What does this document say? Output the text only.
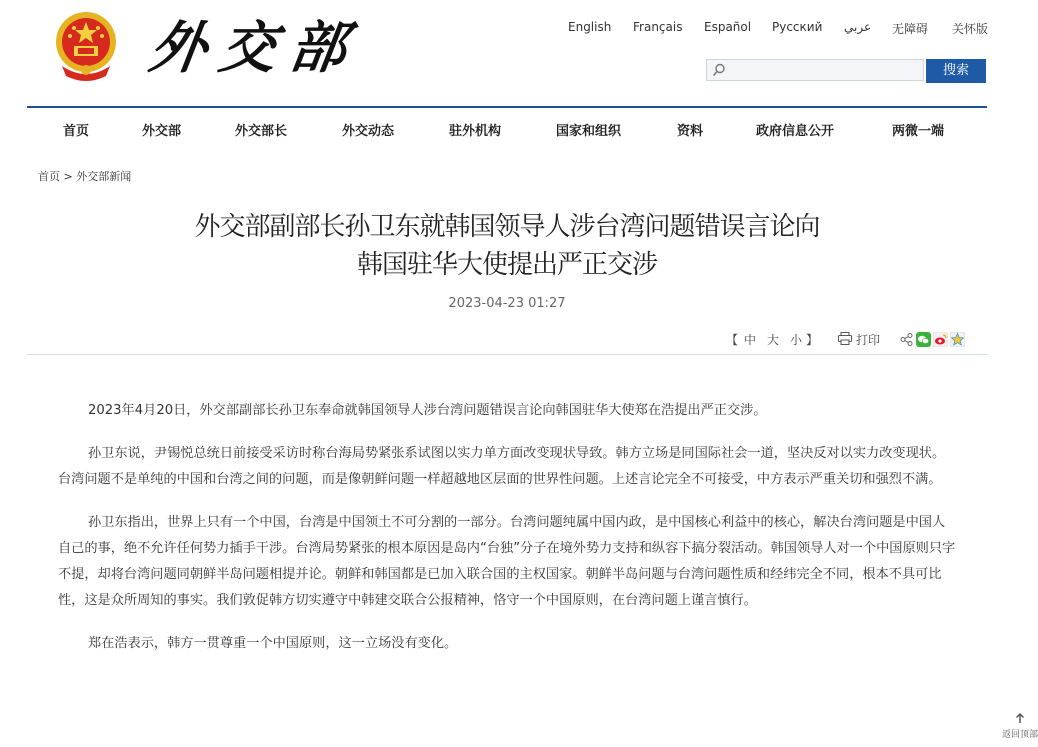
外交部	English Français Español Русский عربي 无障碍 关怀版
搜索
首页	外交部	外交部长	外交动态	驻外机构	国家和组织	资料	政府信息公开	两微一端
首页 > 外交部新闻
外交部副部长孙卫东就韩国领导人涉台湾问题错误言论向
韩国驻华大使提出严正交涉
2023-04-23 01:27
【 中 大 小 】	打印

2023年4月20日，外交部副部长孙卫东奉命就韩国领导人涉台湾问题错误言论向韩国驻华大使郑在浩提出严正交涉。

孙卫东说，尹锡悦总统日前接受采访时称台海局势紧张系试图以实力单方面改变现状导致。韩方立场是同国际社会一道，坚决反对以实力改变现状。台湾问题不是单纯的中国和台湾之间的问题，而是像朝鲜问题一样超越地区层面的世界性问题。上述言论完全不可接受，中方表示严重关切和强烈不满。

孙卫东指出，世界上只有一个中国，台湾是中国领土不可分割的一部分。台湾问题纯属中国内政，是中国核心利益中的核心，解决台湾问题是中国人自己的事，绝不允许任何势力插手干涉。台湾局势紧张的根本原因是岛内“台独”分子在境外势力支持和纵容下搞分裂活动。韩国领导人对一个中国原则只字不提，却将台湾问题同朝鲜半岛问题相提并论。朝鲜和韩国都是已加入联合国的主权国家。朝鲜半岛问题与台湾问题性质和经纬完全不同，根本不具可比性，这是众所周知的事实。我们敦促韩方切实遵守中韩建交联合公报精神，恪守一个中国原则，在台湾问题上谨言慎行。

郑在浩表示，韩方一贯尊重一个中国原则，这一立场没有变化。

返回顶部
